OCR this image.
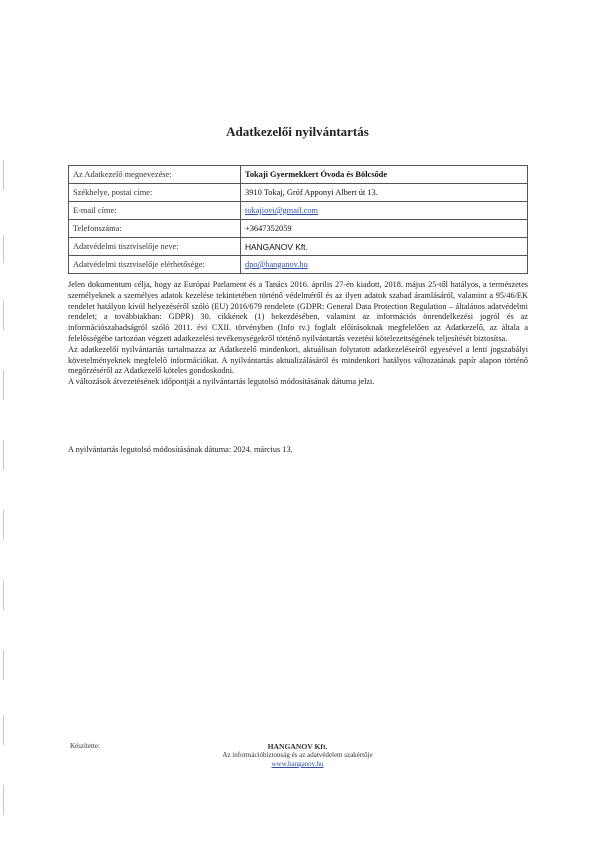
Adatkezelői nyilvántartás
Az Adatkezelő megnevezése:	Tokaji Gyermekkert Óvoda és Bölcsőde
Székhelye, postai címe:	3910 Tokaj, Gróf Apponyi Albert út 13.
E-mail címe:	tokajiovi@gmail.com
Telefonszáma:	+3647352059
Adatvédelmi tisztviselője neve:	HANGANOV Kft.
Adatvédelmi tisztviselője elérhetősége:	dpo@hanganov.hu

Jelen dokumentum célja, hogy az Európai Parlament és a Tanács 2016. április 27-én kiadott, 2018. május 25-től hatályos, a természetes személyeknek a személyes adatok kezelése tekintetében történő védelméről és az ilyen adatok szabad áramlásáról, valamint a 95/46/EK rendelet hatályon kívül helyezéséről szóló (EU) 2016/679 rendelete (GDPR: General Data Protection Regulation – általános adatvédelmi rendelet; a továbbiakban: GDPR) 30. cikkének (1) bekezdésében, valamint az információs önrendelkezési jogról és az információszabadságról szóló 2011. évi CXII. törvényben (Info tv.) foglalt előírásoknak megfelelően az Adatkezelő, az általa a felelősségébe tartozóan végzett adatkezelési tevékenységekről történő nyilvántartás vezetési kötelezettségének teljesítését biztosítsa.

Az adatkezelői nyilvántartás tartalmazza az Adatkezelő mindenkori, aktuálisan folytatott adatkezeléseiről egyesével a lenti jogszabályi követelményeknek megfelelő információkat. A nyilvántartás aktualizálásáról és mindenkori hatályos változatának papír alapon történő megőrzéséről az Adatkezelő köteles gondoskodni.

A változások átvezetésének időpontját a nyilvántartás legutolsó módosításának dátuma jelzi.

A nyilvántartás legutolsó módosításának dátuma: 2024. március 13.
Készítette:	HANGANOV Kft.
Az információbiztonság és az adatvédelem szakértője
www.hanganov.hu
